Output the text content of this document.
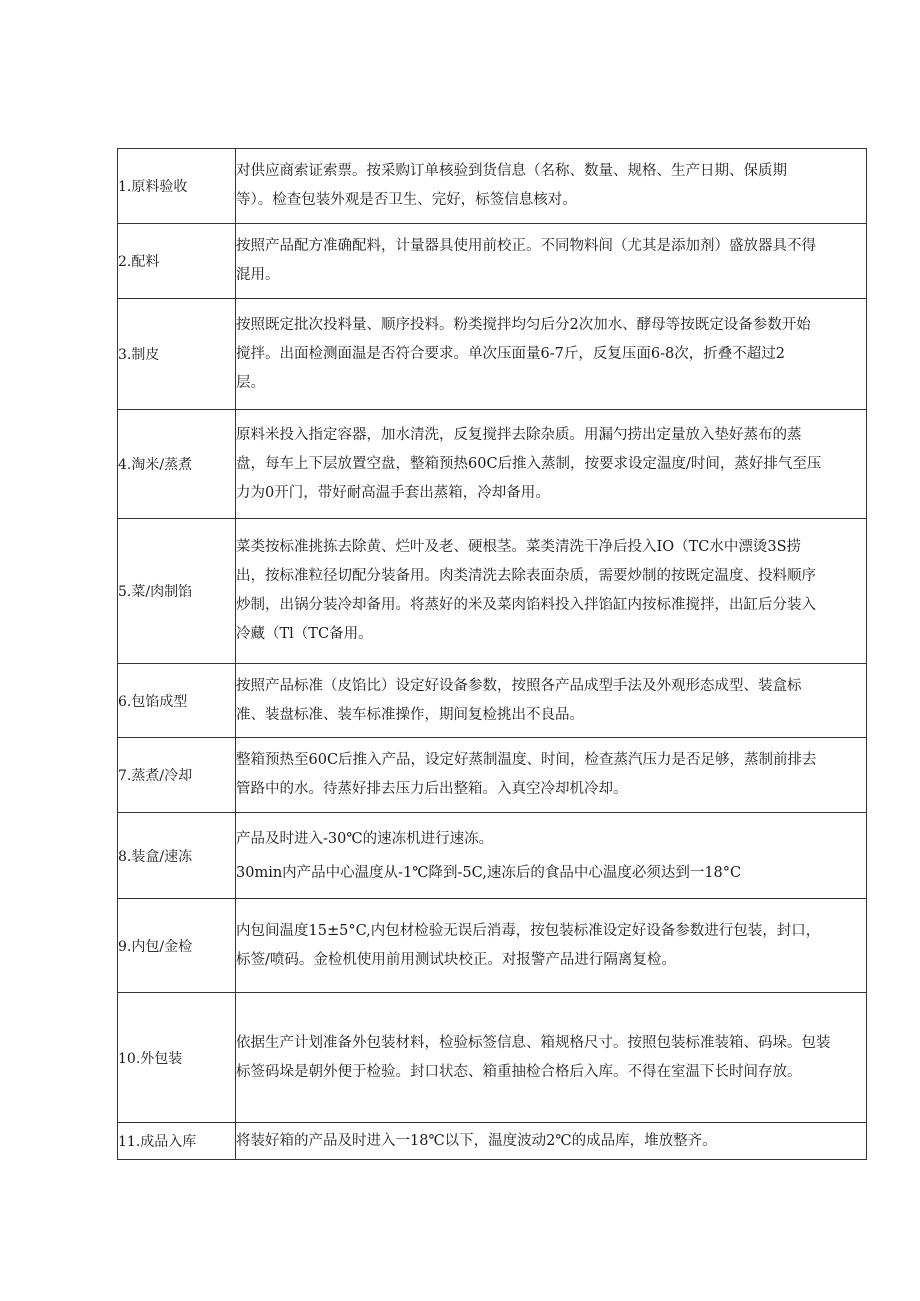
1.原料验收	对供应商索证索票。按采购订单核验到货信息（名称、数量、规格、生产日期、保质期

等）。检查包装外观是否卫生、完好，标签信息核对。

2.配料	按照产品配方准确配料，计量器具使用前校正。不同物料间（尤其是添加剂）盛放器具不得

混用。

3.制皮	按照既定批次投料量、顺序投料。粉类搅拌均匀后分2次加水、酵母等按既定设备参数开始

搅拌。出面检测面温是否符合要求。单次压面量6-7斤，反复压面6-8次，折叠不超过2

层。

4.淘米/蒸煮	原料米投入指定容器，加水清洗，反复搅拌去除杂质。用漏勺捞出定量放入垫好蒸布的蒸

盘，每车上下层放置空盘，整箱预热60C后推入蒸制，按要求设定温度/时间，蒸好排气至压

力为0开门，带好耐高温手套出蒸箱，冷却备用。

5.菜/肉制馅	菜类按标准挑拣去除黄、烂叶及老、硬根茎。菜类清洗干净后投入IO（TC水中漂烫3S捞

出，按标准粒径切配分装备用。肉类清洗去除表面杂质，需要炒制的按既定温度、投料顺序

炒制，出锅分装冷却备用。将蒸好的米及菜肉馅料投入拌馅缸内按标准搅拌，出缸后分装入

冷藏（Tl（TC备用。

6.包馅成型	按照产品标准（皮馅比）设定好设备参数，按照各产品成型手法及外观形态成型、装盒标

准、装盘标准、装车标准操作，期间复检挑出不良品。

7.蒸煮/冷却	整箱预热至60C后推入产品，设定好蒸制温度、时间，检查蒸汽压力是否足够，蒸制前排去

管路中的水。待蒸好排去压力后出整箱。入真空冷却机冷却。

8.装盒/速冻	产品及时进入-30℃的速冻机进行速冻。

30min内产品中心温度从-1℃降到-5C,速冻后的食品中心温度必须达到一18°C

9.内包/金检	内包间温度15±5°C,内包材检验无误后消毒，按包装标准设定好设备参数进行包装，封口，

标签/喷码。金检机使用前用测试块校正。对报警产品进行隔离复检。

10.外包装	依据生产计划准备外包装材料，检验标签信息、箱规格尺寸。按照包装标准装箱、码垛。包装

标签码垛是朝外便于检验。封口状态、箱重抽检合格后入库。不得在室温下长时间存放。

11.成品入库	将装好箱的产品及时进入一18℃以下，温度波动2℃的成品库，堆放整齐。
